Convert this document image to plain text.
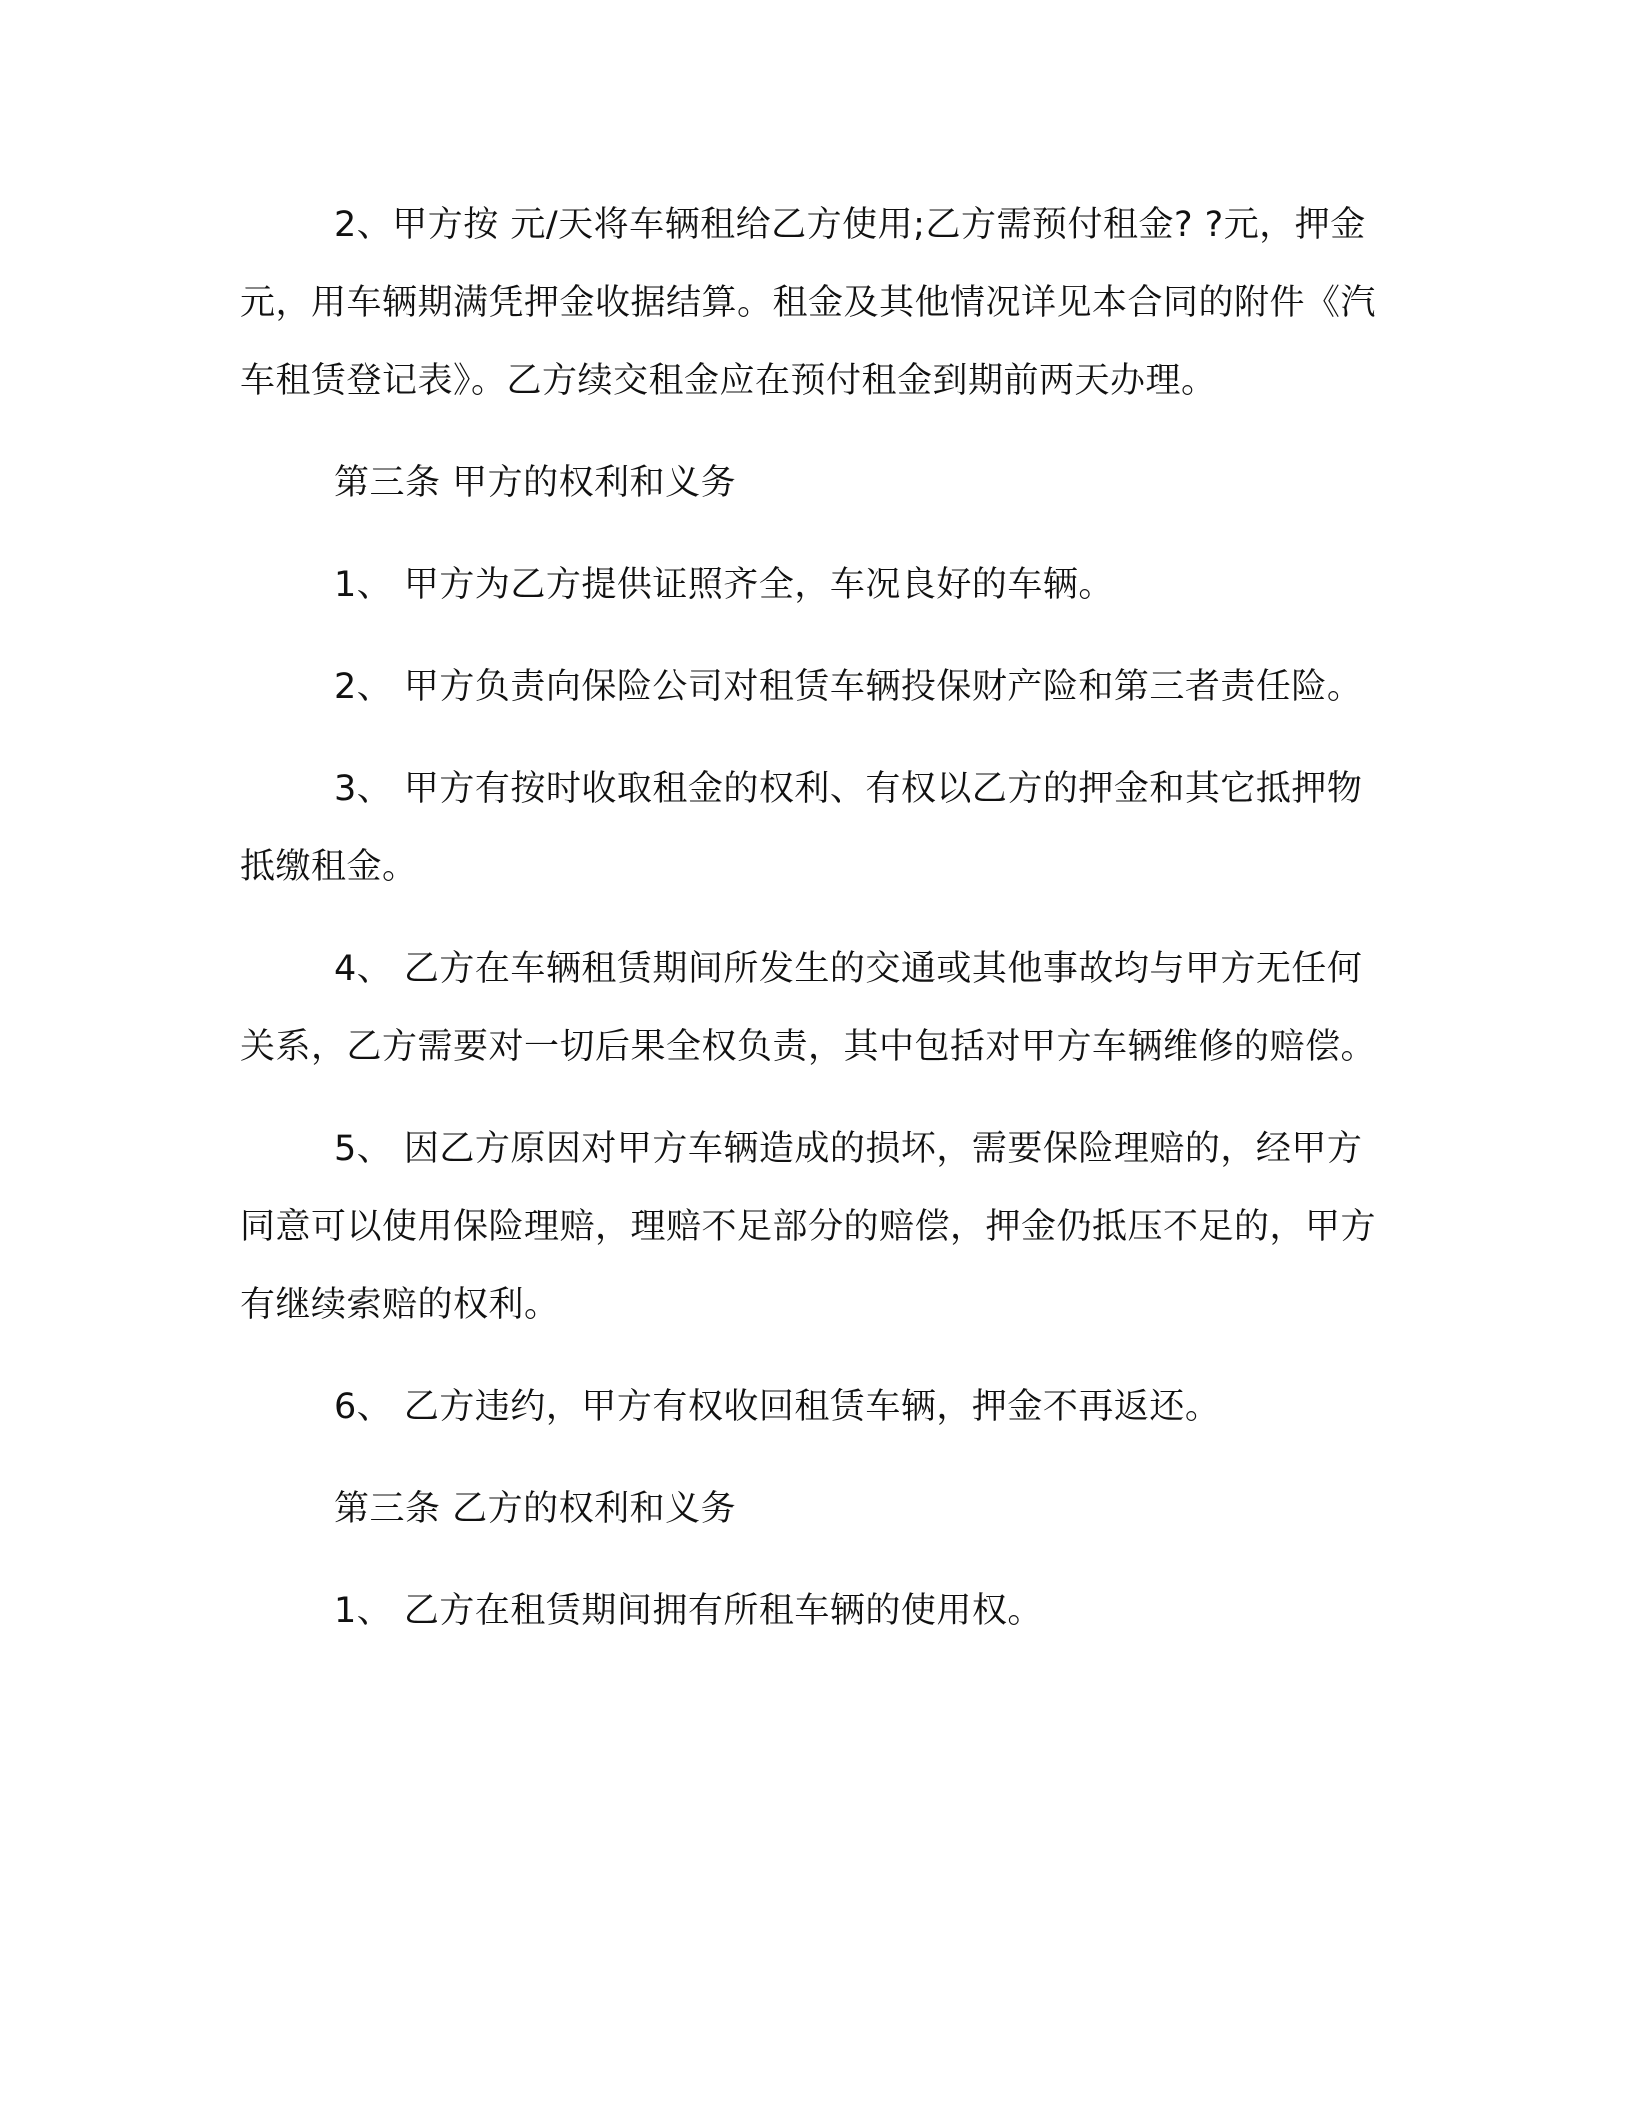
2、甲方按 元/天将车辆租给乙方使用;乙方需预付租金? ?元，押金 元，用车辆期满凭押金收据结算。租金及其他情况详见本合同的附件《汽车租赁登记表》。乙方续交租金应在预付租金到期前两天办理。

第三条 甲方的权利和义务

1、 甲方为乙方提供证照齐全，车况良好的车辆。

2、 甲方负责向保险公司对租赁车辆投保财产险和第三者责任险。

3、 甲方有按时收取租金的权利、有权以乙方的押金和其它抵押物抵缴租金。

4、 乙方在车辆租赁期间所发生的交通或其他事故均与甲方无任何关系，乙方需要对一切后果全权负责，其中包括对甲方车辆维修的赔偿。

5、 因乙方原因对甲方车辆造成的损坏，需要保险理赔的，经甲方同意可以使用保险理赔，理赔不足部分的赔偿，押金仍抵压不足的，甲方有继续索赔的权利。

6、 乙方违约，甲方有权收回租赁车辆，押金不再返还。

第三条 乙方的权利和义务

1、 乙方在租赁期间拥有所租车辆的使用权。
